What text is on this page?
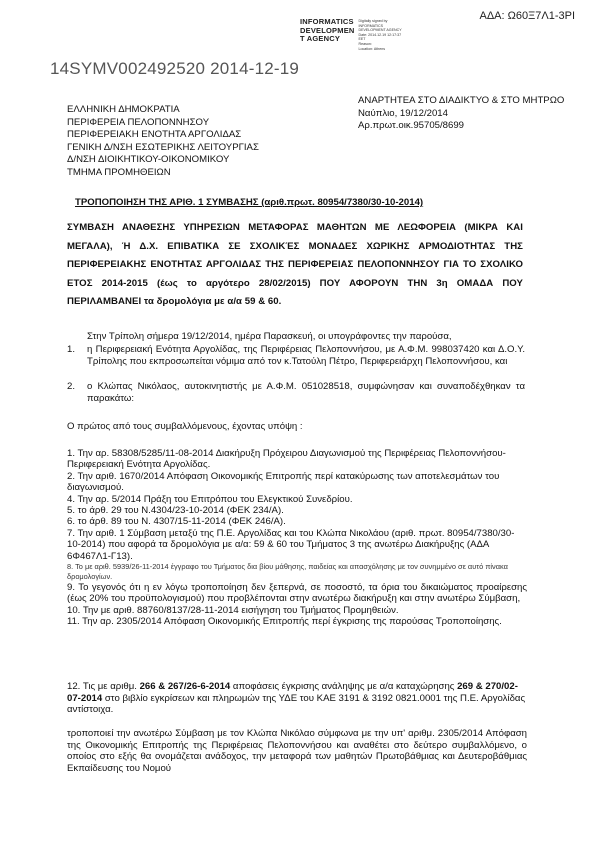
ΑΔΑ: Ω60Ξ7Λ1-3ΡΙ
INFORMATICS
DEVELOPMEN
T AGENCY
Digitally signed by
INFORMATICS
DEVELOPMENT AGENCY
Date: 2014.12.19 12:17:37
EET
Reason:
Location: Athens
14SYMV002492520 2014-12-19
ΕΛΛΗΝΙΚΗ ΔΗΜΟΚΡΑΤΙΑ
ΠΕΡΙΦΕΡΕΙΑ ΠΕΛΟΠΟΝΝΗΣΟΥ
ΠΕΡΙΦΕΡΕΙΑΚΗ ΕΝΟΤΗΤΑ ΑΡΓΟΛΙΔΑΣ
ΓΕΝΙΚΗ Δ/ΝΣΗ ΕΣΩΤΕΡΙΚΗΣ ΛΕΙΤΟΥΡΓΙΑΣ
Δ/ΝΣΗ ΔΙΟΙΚΗΤΙΚΟΥ-ΟΙΚΟΝΟΜΙΚΟΥ
ΤΜΗΜΑ ΠΡΟΜΗΘΕΙΩΝ
ΑΝΑΡΤΗΤΕΑ ΣΤΟ ΔΙΑΔΙΚΤΥΟ & ΣΤΟ ΜΗΤΡΩΟ
Ναύπλιο, 19/12/2014
Αρ.πρωτ.οικ.95705/8699
ΤΡΟΠΟΠΟΙΗΣΗ ΤΗΣ ΑΡΙΘ. 1 ΣΥΜΒΑΣΗΣ (αριθ.πρωτ. 80954/7380/30-10-2014)
ΣΥΜΒΑΣΗ ΑΝΑΘΕΣΗΣ ΥΠΗΡΕΣΙΩΝ ΜΕΤΑΦΟΡΑΣ ΜΑΘΗΤΩΝ ΜΕ ΛΕΩΦΟΡΕΙΑ (ΜΙΚΡΑ ΚΑΙ ΜΕΓΑΛΑ), Ή Δ.Χ. ΕΠΙΒΑΤΙΚΑ ΣΕ ΣΧΟΛΙΚΈΣ ΜΟΝΑΔΕΣ ΧΩΡΙΚΗΣ ΑΡΜΟΔΙΟΤΗΤΑΣ ΤΗΣ ΠΕΡΙΦΕΡΕΙΑΚΗΣ ΕΝΟΤΗΤΑΣ ΑΡΓΟΛΙΔΑΣ ΤΗΣ ΠΕΡΙΦΕΡΕΙΑΣ ΠΕΛΟΠΟΝΝΗΣΟΥ ΓΙΑ ΤΟ ΣΧΟΛΙΚΟ ΕΤΟΣ 2014-2015 (έως το αργότερο 28/02/2015) ΠΟΥ ΑΦΟΡΟΥΝ ΤΗΝ 3η ΟΜΑΔΑ ΠΟΥ ΠΕΡΙΛΑΜΒΑΝΕΙ τα δρομολόγια με α/α 59 & 60.
Στην Τρίπολη σήμερα 19/12/2014, ημέρα Παρασκευή, οι υπογράφοντες την παρούσα,
1.	η Περιφερειακή Ενότητα Αργολίδας, της Περιφέρειας Πελοποννήσου, με Α.Φ.Μ. 998037420 και Δ.Ο.Υ. Τρίπολης που εκπροσωπείται νόμιμα από τον κ.Τατούλη Πέτρο, Περιφερειάρχη Πελοποννήσου, και
2.	ο Κλώπας Νικόλαος, αυτοκινητιστής με Α.Φ.Μ. 051028518, συμφώνησαν και συναποδέχθηκαν τα παρακάτω:
Ο πρώτος από τους συμβαλλόμενους, έχοντας υπόψη :
1. Την αρ. 58308/5285/11-08-2014 Διακήρυξη Πρόχειρου Διαγωνισμού της Περιφέρειας Πελοποννήσου-Περιφερειακή Ενότητα Αργολίδας.
2. Την αριθ. 1670/2014 Απόφαση Οικονομικής Επιτροπής περί κατακύρωσης των αποτελεσμάτων του διαγωνισμού.
4. Την αρ. 5/2014 Πράξη του Επιτρόπου του Ελεγκτικού Συνεδρίου.
5. το άρθ. 29 του Ν.4304/23-10-2014 (ΦΕΚ 234/Α).
6. το άρθ. 89 του Ν. 4307/15-11-2014 (ΦΕΚ 246/Α).
7. Την αριθ. 1 Σύμβαση μεταξύ της Π.Ε. Αργολίδας και του Κλώπα Νικολάου (αριθ. πρωτ. 80954/7380/30-10-2014) που αφορά τα δρομολόγια με α/α: 59 & 60 του Τμήματος 3 της ανωτέρω Διακήρυξης (ΑΔΑ 6Φ467Λ1-Γ13).
8. Το με αριθ. 5939/26-11-2014 έγγραφο του Τμήματος δια βίου μάθησης, παιδείας και απασχόλησης με τον συνημμένο σε αυτό πίνακα δρομολογίων.
9. Το γεγονός ότι η εν λόγω τροποποίηση δεν ξεπερνά, σε ποσοστό, τα όρια του δικαιώματος προαίρεσης (έως 20% του προϋπολογισμού) που προβλέπονται στην ανωτέρω διακήρυξη και στην ανωτέρω Σύμβαση,
10. Την με αριθ. 88760/8137/28-11-2014 εισήγηση του Τμήματος Προμηθειών.
11. Την αρ. 2305/2014 Απόφαση Οικονομικής Επιτροπής περί έγκρισης της παρούσας Τροποποίησης.
12. Τις με αριθμ. 266 & 267/26-6-2014 αποφάσεις έγκρισης ανάληψης με α/α καταχώρησης 269 & 270/02-07-2014 στο βιβλίο εγκρίσεων και πληρωμών της ΥΔΕ του ΚΑΕ 3191 & 3192 0821.0001 της Π.Ε. Αργολίδας αντίστοιχα.
τροποποιεί την ανωτέρω Σύμβαση με τον Κλώπα Νικόλαο σύμφωνα με την υπ' αριθμ. 2305/2014 Απόφαση της Οικονομικής Επιτροπής της Περιφέρειας Πελοποννήσου και αναθέτει στο δεύτερο συμβαλλόμενο, ο οποίος στο εξής θα ονομάζεται ανάδοχος, την μεταφορά των μαθητών Πρωτοβάθμιας και Δευτεροβάθμιας Εκπαίδευσης του Νομού
